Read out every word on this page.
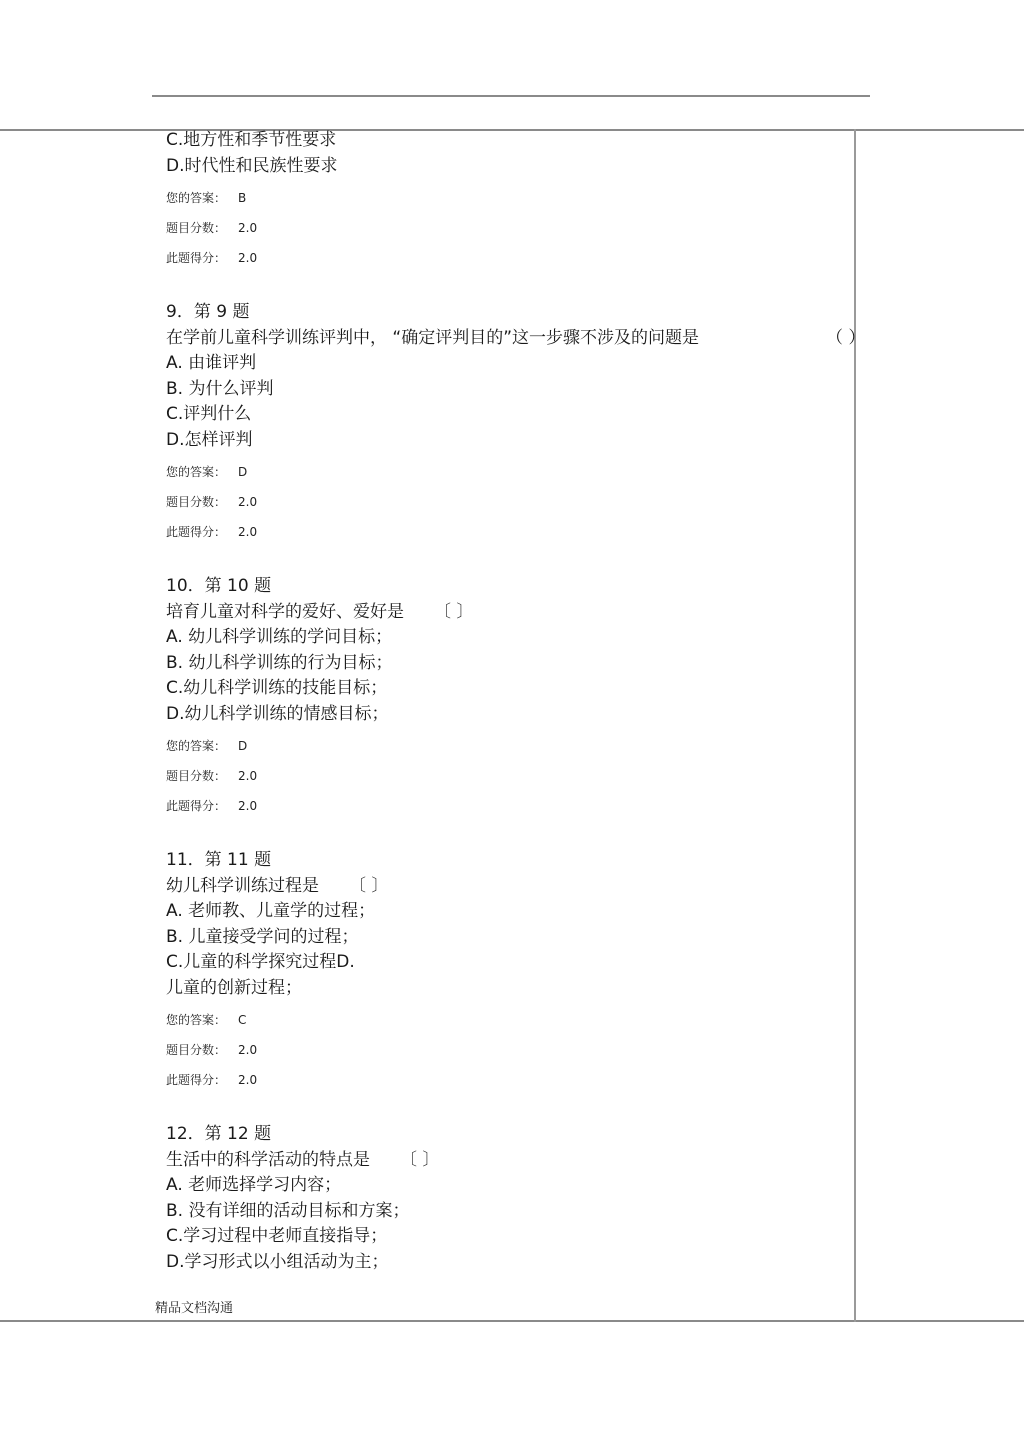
C.地方性和季节性要求
D.时代性和民族性要求
您的答案： B
题目分数： 2.0
此题得分： 2.0
9．第 9 题
在学前儿童科学训练评判中， “确定评判目的”这一步骤不涉及的问题是	（ ）
A. 由谁评判
B. 为什么评判
C.评判什么
D.怎样评判
您的答案： D
题目分数： 2.0
此题得分： 2.0
10．第 10 题
培育儿童对科学的爱好、爱好是 〔 〕
A. 幼儿科学训练的学问目标；
B. 幼儿科学训练的行为目标；
C.幼儿科学训练的技能目标；
D.幼儿科学训练的情感目标；
您的答案： D
题目分数： 2.0
此题得分： 2.0
11．第 11 题
幼儿科学训练过程是 〔 〕
A. 老师教、儿童学的过程；
B. 儿童接受学问的过程；
C.儿童的科学探究过程D.
儿童的创新过程；
您的答案： C
题目分数： 2.0
此题得分： 2.0
12．第 12 题
生活中的科学活动的特点是 〔 〕
A. 老师选择学习内容；
B. 没有详细的活动目标和方案；
C.学习过程中老师直接指导；
D.学习形式以小组活动为主；
精品文档沟通
